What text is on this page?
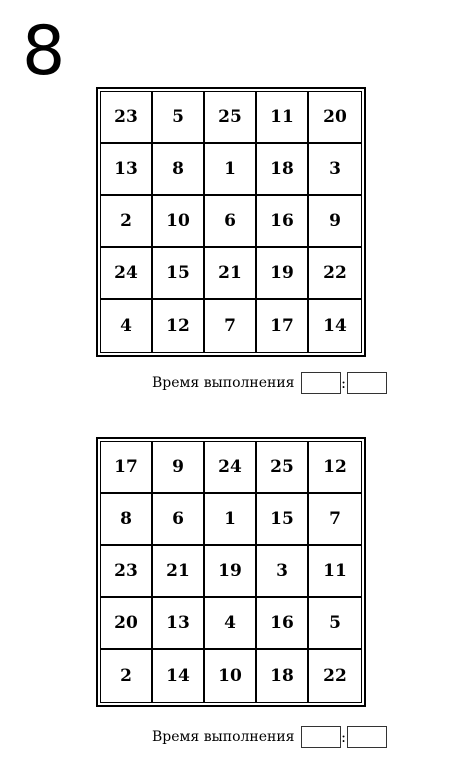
8
23	5	25	11	20
13	8	1	18	3
2	10	6	16	9
24	15	21	19	22
4	12	7	17	14
Время выполнения	:
17	9	24	25	12
8	6	1	15	7
23	21	19	3	11
20	13	4	16	5
2	14	10	18	22
Время выполнения	:
